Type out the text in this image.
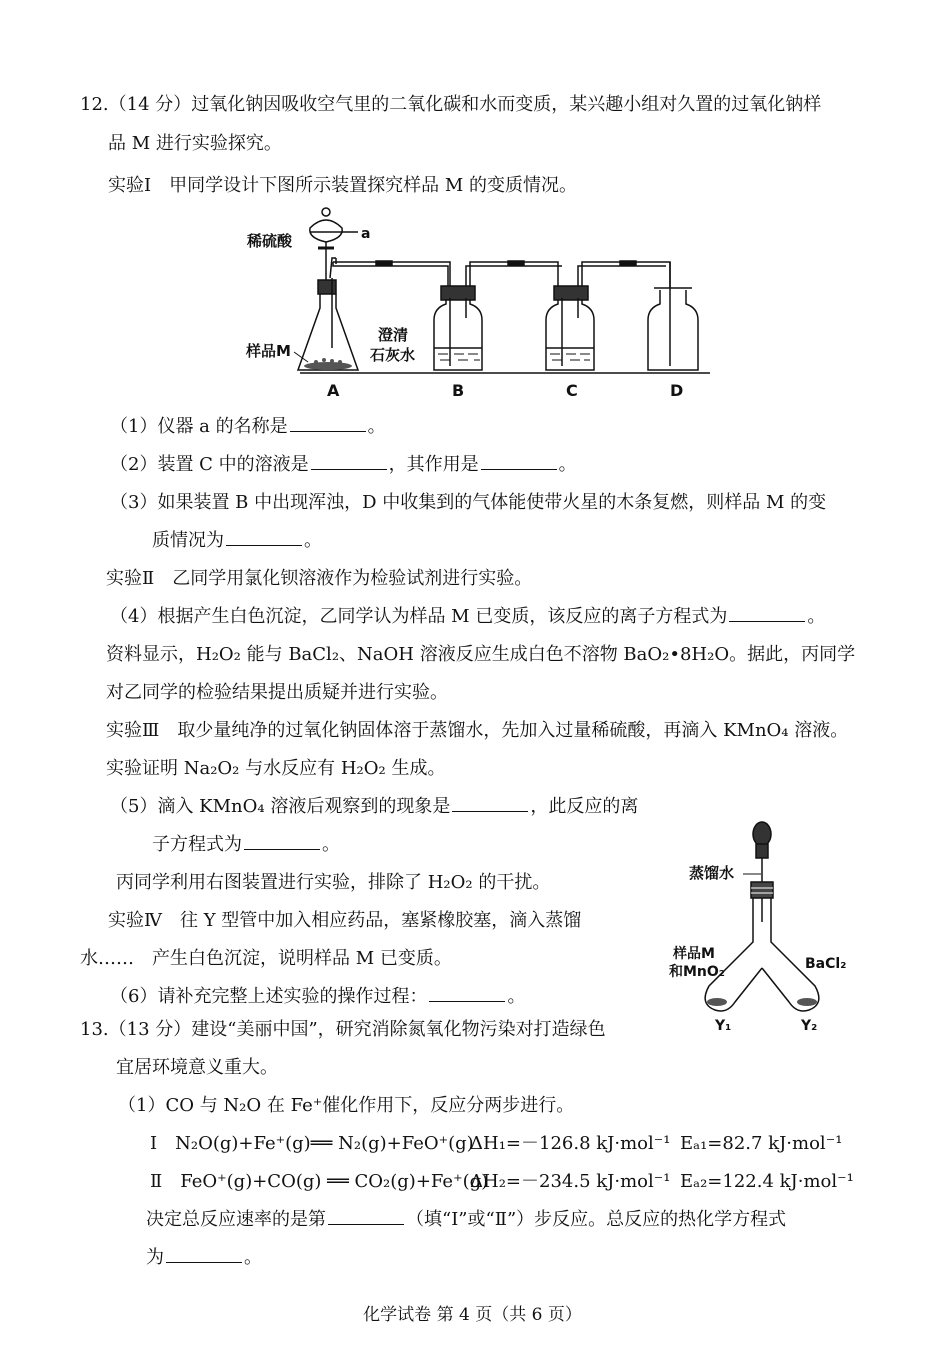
12.（14 分）过氧化钠因吸收空气里的二氧化碳和水而变质，某兴趣小组对久置的过氧化钠样
品 M 进行实验探究。
实验Ⅰ　甲同学设计下图所示装置探究样品 M 的变质情况。
稀硫酸	a
样品M
澄清
石灰水
A	B	C	D
（1）仪器 a 的名称是	。
（2）装置 C 中的溶液是	，其作用是	。
（3）如果装置 B 中出现浑浊，D 中收集到的气体能使带火星的木条复燃，则样品 M 的变
质情况为	。
实验Ⅱ　乙同学用氯化钡溶液作为检验试剂进行实验。
（4）根据产生白色沉淀，乙同学认为样品 M 已变质，该反应的离子方程式为	。
资料显示，H₂O₂ 能与 BaCl₂、NaOH 溶液反应生成白色不溶物 BaO₂•8H₂O。据此，丙同学
对乙同学的检验结果提出质疑并进行实验。
实验Ⅲ　取少量纯净的过氧化钠固体溶于蒸馏水，先加入过量稀硫酸，再滴入 KMnO₄ 溶液。
实验证明 Na₂O₂ 与水反应有 H₂O₂ 生成。
（5）滴入 KMnO₄ 溶液后观察到的现象是	，此反应的离
子方程式为	。
丙同学利用右图装置进行实验，排除了 H₂O₂ 的干扰。
实验Ⅳ　往 Y 型管中加入相应药品，塞紧橡胶塞，滴入蒸馏
水……　产生白色沉淀，说明样品 M 已变质。
（6）请补充完整上述实验的操作过程：	。
蒸馏水
样品M
和MnO₂	BaCl₂
Y₁	Y₂
13.（13 分）建设“美丽中国”，研究消除氮氧化物污染对打造绿色
宜居环境意义重大。
（1）CO 与 N₂O 在 Fe⁺催化作用下，反应分两步进行。
Ⅰ　N₂O(g)+Fe⁺(g)══ N₂(g)+FeO⁺(g)
ΔH₁=－126.8 kJ·mol⁻¹ Eₐ₁=82.7 kJ·mol⁻¹
Ⅱ　FeO⁺(g)+CO(g) ══ CO₂(g)+Fe⁺(g)
ΔH₂=－234.5 kJ·mol⁻¹ Eₐ₂=122.4 kJ·mol⁻¹
决定总反应速率的是第	（填“Ⅰ”或“Ⅱ”）步反应。总反应的热化学方程式
为	。
化学试卷 第 4 页（共 6 页）
